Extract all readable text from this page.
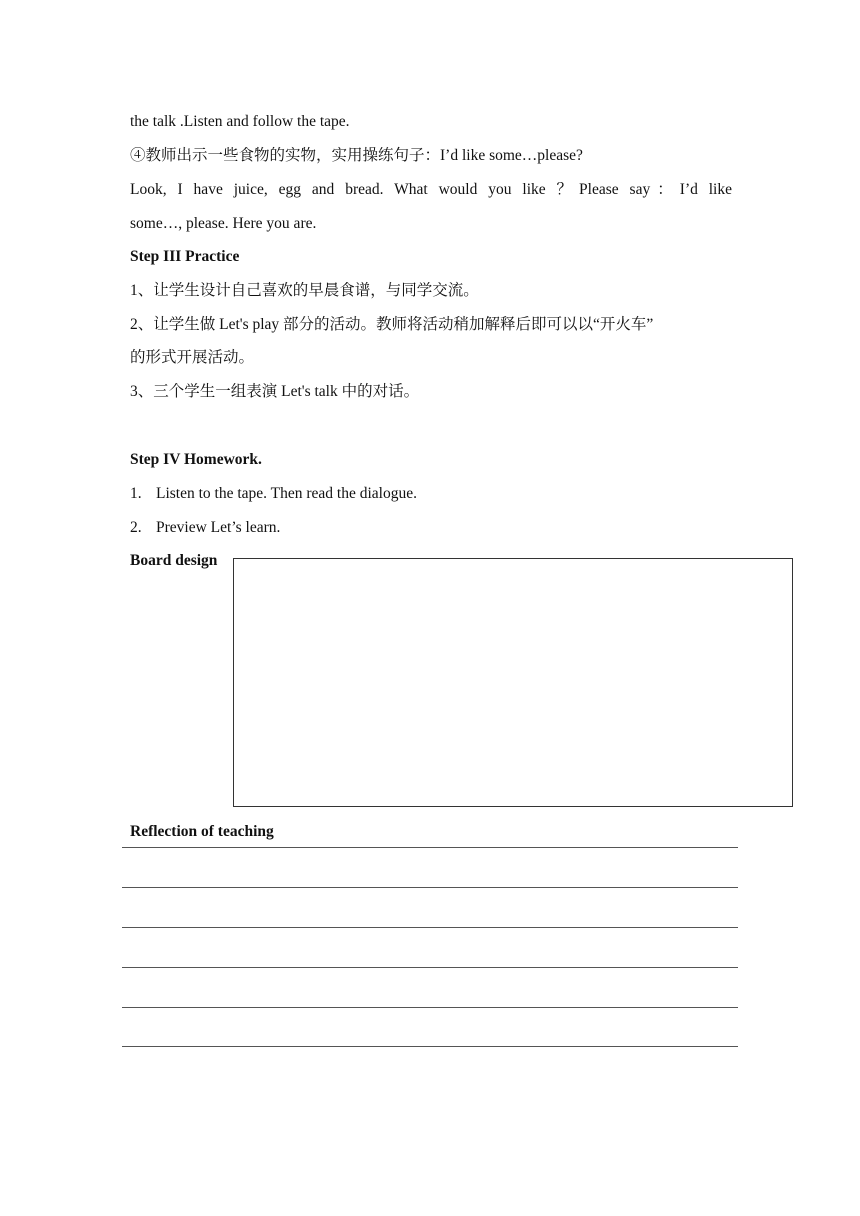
the talk .Listen and follow the tape.
④教师出示一些食物的实物，实用操练句子：I’d like some…please?
Look, I have juice, egg and bread. What would you like ？Please say：I’d like
some…, please. Here you are.
Step III Practice
1、让学生设计自己喜欢的早晨食谱，与同学交流。
2、让学生做 Let's play 部分的活动。教师将活动稍加解释后即可以以“开火车”
的形式开展活动。
3、三个学生一组表演 Let's talk 中的对话。
Step IV Homework.
1. Listen to the tape. Then read the dialogue.
2. Preview Let’s learn.
Board design
Reflection of teaching
